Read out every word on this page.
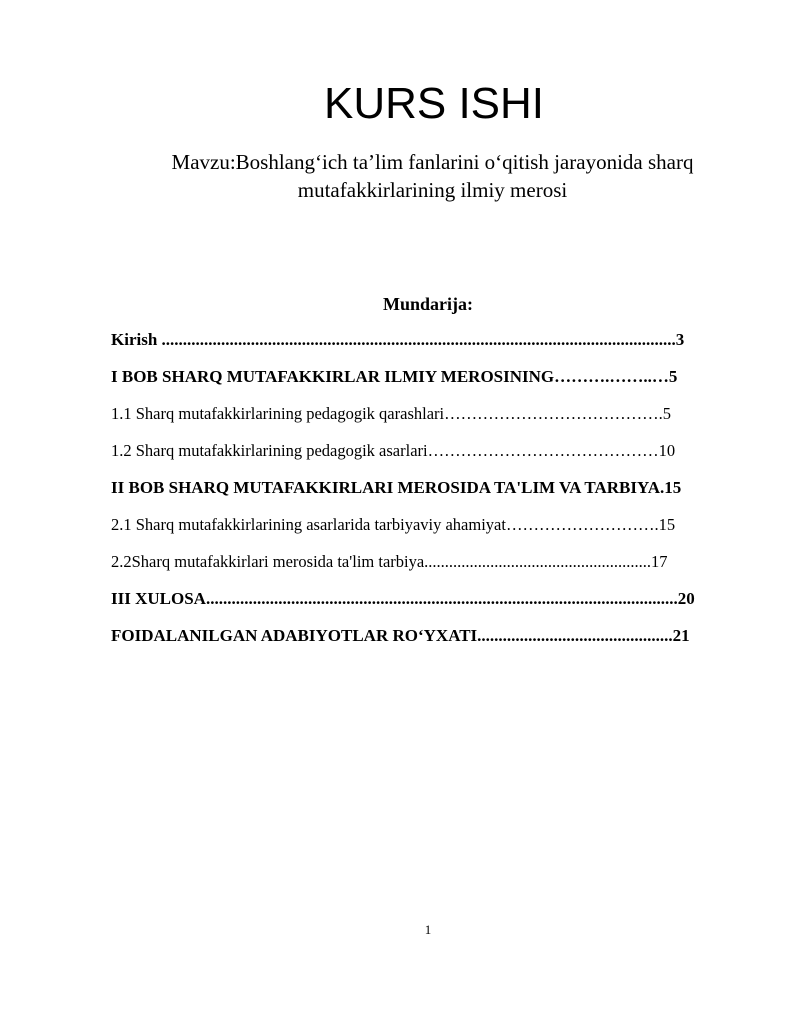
KURS ISHI
Mavzu:Boshlang‘ich ta’lim fanlarini o‘qitish jarayonida sharq mutafakkirlarining ilmiy merosi
Mundarija:
Kirish .........................................................................................................................3
I BOB SHARQ MUTAFAKKIRLAR ILMIY MEROSINING……….……..…5
1.1 Sharq mutafakkirlarining pedagogik qarashlari………………………………….5
1.2 Sharq mutafakkirlarining pedagogik asarlari……………………………………10
II BOB SHARQ MUTAFAKKIRLARI MEROSIDA TA'LIM VA TARBIYA.15
2.1 Sharq mutafakkirlarining asarlarida tarbiyaviy ahamiyat……………………….15
2.2Sharq mutafakkirlari merosida ta'lim tarbiya.......................................................17
III XULOSA...............................................................................................................20
FOIDALANILGAN ADABIYOTLAR RO‘YXATI..............................................21
1
